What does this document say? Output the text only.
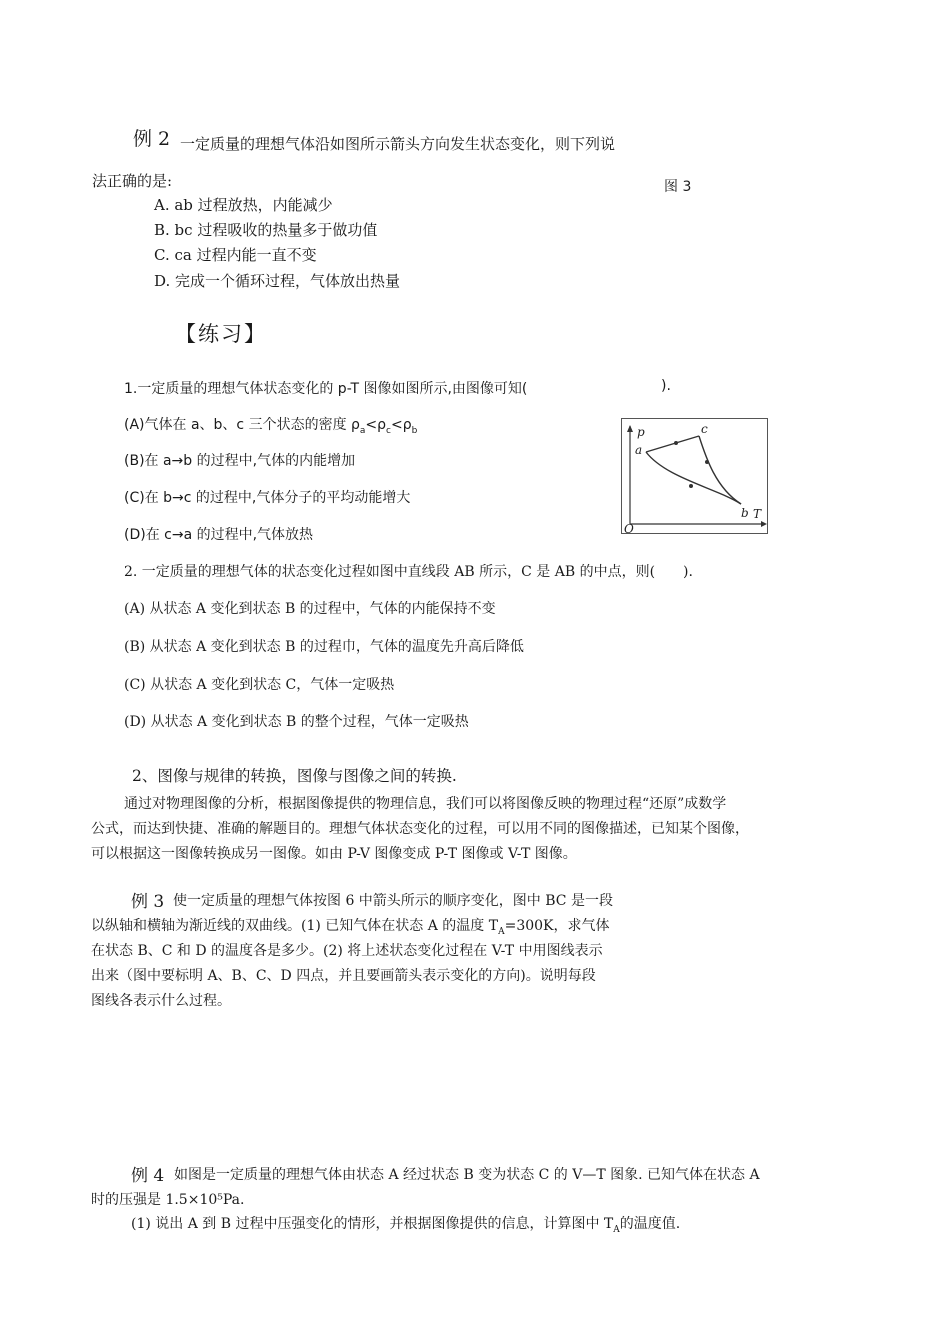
例 2 一定质量的理想气体沿如图所示箭头方向发生状态变化，则下列说
法正确的是:	图 3
A. ab 过程放热，内能减少
B. bc 过程吸收的热量多于做功值
C. ca 过程内能一直不变
D. 完成一个循环过程，气体放出热量
【练习】
1.一定质量的理想气体状态变化的 p-T 图像如图所示,由图像可知(	).
(A)气体在 a、b、c 三个状态的密度 $\rho_a<\rho_c<\rho_b$
(B)在 a→b 的过程中,气体的内能增加
(C)在 b→c 的过程中,气体分子的平均动能增大
(D)在 c→a 的过程中,气体放热
p
T
O
a
b
c
2. 一定质量的理想气体的状态变化过程如图中直线段 AB 所示，C 是 AB 的中点，则(　　).
(A) 从状态 A 变化到状态 B 的过程中，气体的内能保持不变
(B) 从状态 A 变化到状态 B 的过程巾，气体的温度先升高后降低
(C) 从状态 A 变化到状态 C，气体一定吸热
(D) 从状态 A 变化到状态 B 的整个过程，气体一定吸热
2、图像与规律的转换，图像与图像之间的转换.
通过对物理图像的分析，根据图像提供的物理信息，我们可以将图像反映的物理过程“还原”成数学
公式，而达到快捷、准确的解题目的。理想气体状态变化的过程，可以用不同的图像描述，已知某个图像，
可以根据这一图像转换成另一图像。如由 P-V 图像变成 P-T 图像或 V-T 图像。
例 3 使一定质量的理想气体按图 6 中箭头所示的顺序变化，图中 BC 是一段
以纵轴和横轴为渐近线的双曲线。(1) 已知气体在状态 A 的温度 $T_A=300K$，求气体
在状态 B、C 和 D 的温度各是多少。(2) 将上述状态变化过程在 V-T 中用图线表示
出来（图中要标明 A、B、C、D 四点，并且要画箭头表示变化的方向)。说明每段
图线各表示什么过程。
例 4 如图是一定质量的理想气体由状态 A 经过状态 B 变为状态 C 的 V—T 图象. 已知气体在状态 A
时的压强是 1.5×10⁵Pa.
(1) 说出 A 到 B 过程中压强变化的情形，并根据图像提供的信息，计算图中 $T_A$的温度值.
